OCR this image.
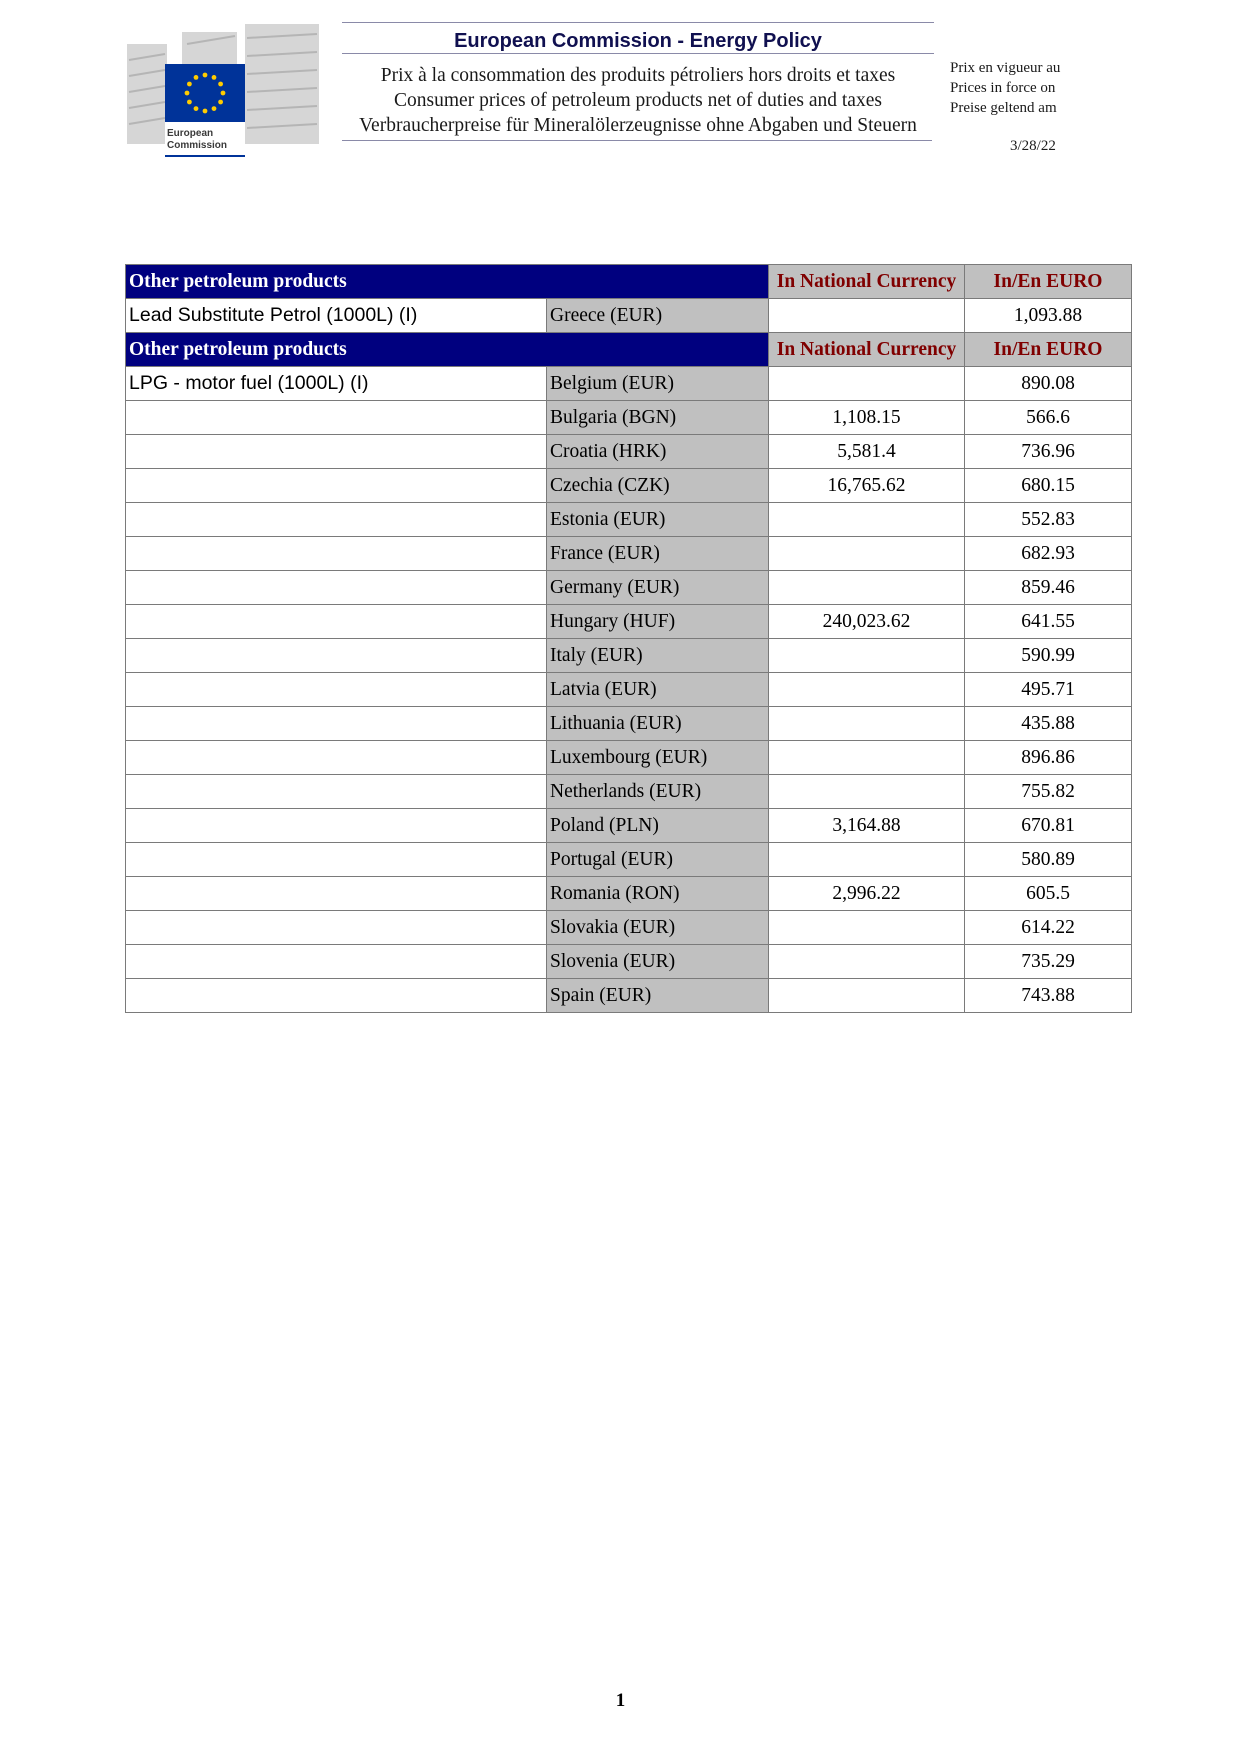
European
Commission
European Commission - Energy Policy
Prix à la consommation des produits pétroliers hors droits et taxes
Consumer prices of petroleum products net of duties and taxes
Verbraucherpreise für Mineralölerzeugnisse ohne Abgaben und Steuern
Prix en vigueur au
Prices in force on
Preise geltend am
3/28/22
Other petroleum products		In National Currency	In/En EURO
Lead Substitute Petrol (1000L) (I)	Greece (EUR)		1,093.88
Other petroleum products		In National Currency	In/En EURO
LPG - motor fuel (1000L) (I)	Belgium (EUR)		890.08
	Bulgaria (BGN)	1,108.15	566.6
	Croatia (HRK)	5,581.4	736.96
	Czechia (CZK)	16,765.62	680.15
	Estonia (EUR)		552.83
	France (EUR)		682.93
	Germany (EUR)		859.46
	Hungary (HUF)	240,023.62	641.55
	Italy (EUR)		590.99
	Latvia (EUR)		495.71
	Lithuania (EUR)		435.88
	Luxembourg (EUR)		896.86
	Netherlands (EUR)		755.82
	Poland (PLN)	3,164.88	670.81
	Portugal (EUR)		580.89
	Romania (RON)	2,996.22	605.5
	Slovakia (EUR)		614.22
	Slovenia (EUR)		735.29
	Spain (EUR)		743.88
1
